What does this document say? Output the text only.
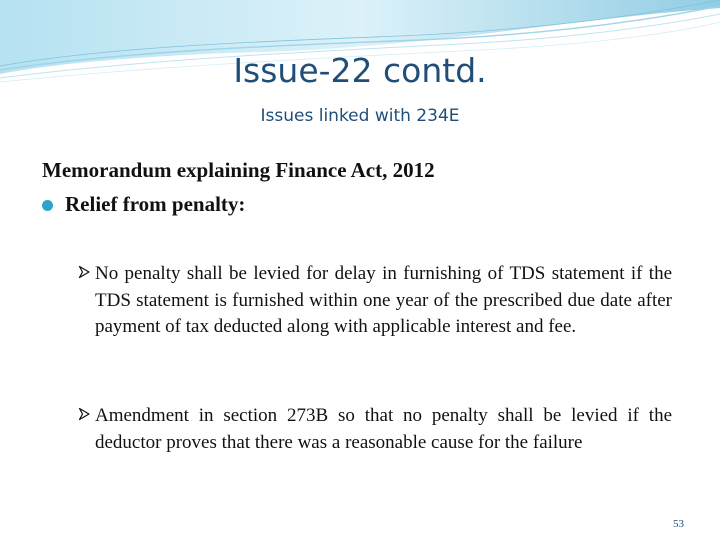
Issue-22 contd.
Issues linked with 234E
Memorandum explaining Finance Act, 2012
Relief from penalty:
No penalty shall be levied for delay in furnishing of TDS statement if the TDS statement is furnished within one year of the prescribed due date after payment of tax deducted along with applicable interest and fee.
Amendment in section 273B so that no penalty shall be levied if the deductor proves that there was a reasonable cause for the failure
53
